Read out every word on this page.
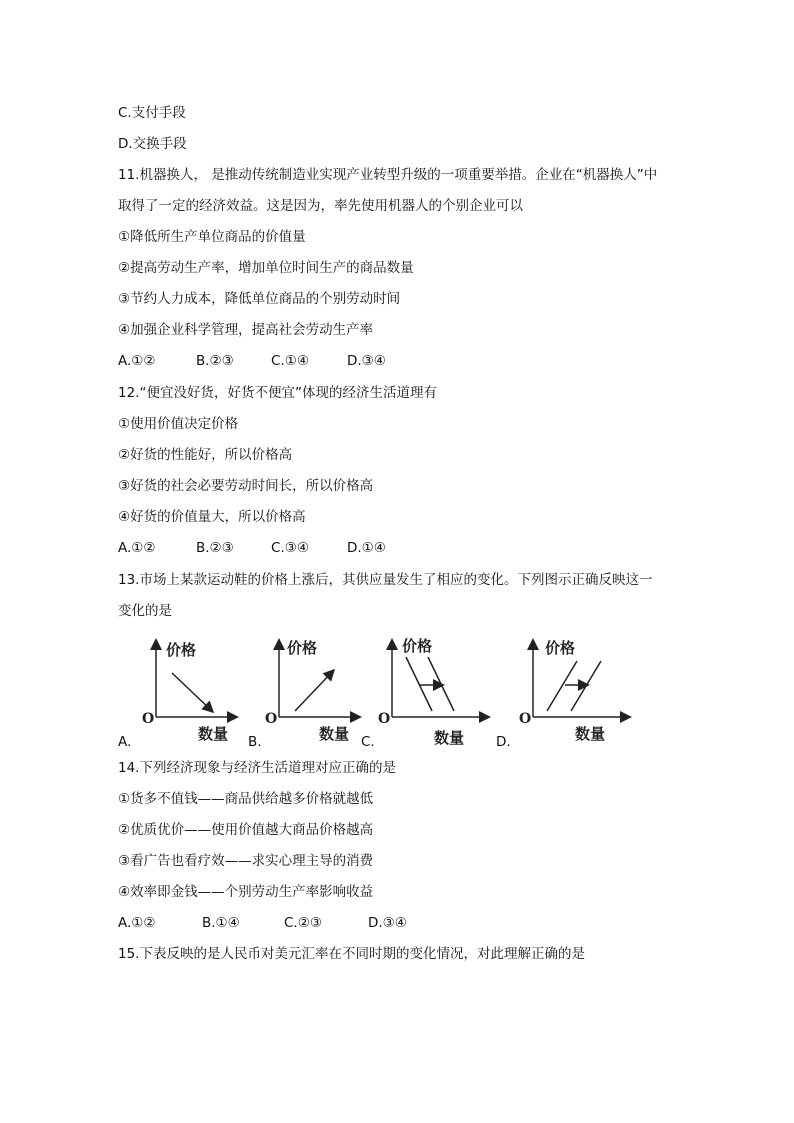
C.支付手段
D.交换手段
11.机器换人， 是推动传统制造业实现产业转型升级的一项重要举措。企业在“机器换人”中
取得了一定的经济效益。这是因为，率先使用机器人的个别企业可以
①降低所生产单位商品的价值量
②提高劳动生产率，增加单位时间生产的商品数量
③节约人力成本，降低单位商品的个别劳动时间
④加强企业科学管理，提高社会劳动生产率
A.①②	B.②③	C.①④	D.③④
12.“便宜没好货，好货不便宜”体现的经济生活道理有
①使用价值决定价格
②好货的性能好，所以价格高
③好货的社会必要劳动时间长，所以价格高
④好货的价值量大，所以价格高
A.①②	B.②③	C.③④	D.①④
13.市场上某款运动鞋的价格上涨后，其供应量发生了相应的变化。下列图示正确反映这一
变化的是
价格
数量
O
价格
数量
O
价格
数量
O
价格
数量
O
A.	B.	C.	D.
14.下列经济现象与经济生活道理对应正确的是
①货多不值钱——商品供给越多价格就越低
②优质优价——使用价值越大商品价格越高
③看广告也看疗效——求实心理主导的消费
④效率即金钱——个别劳动生产率影响收益
A.①②	B.①④	C.②③	D.③④
15.下表反映的是人民币对美元汇率在不同时期的变化情况，对此理解正确的是
